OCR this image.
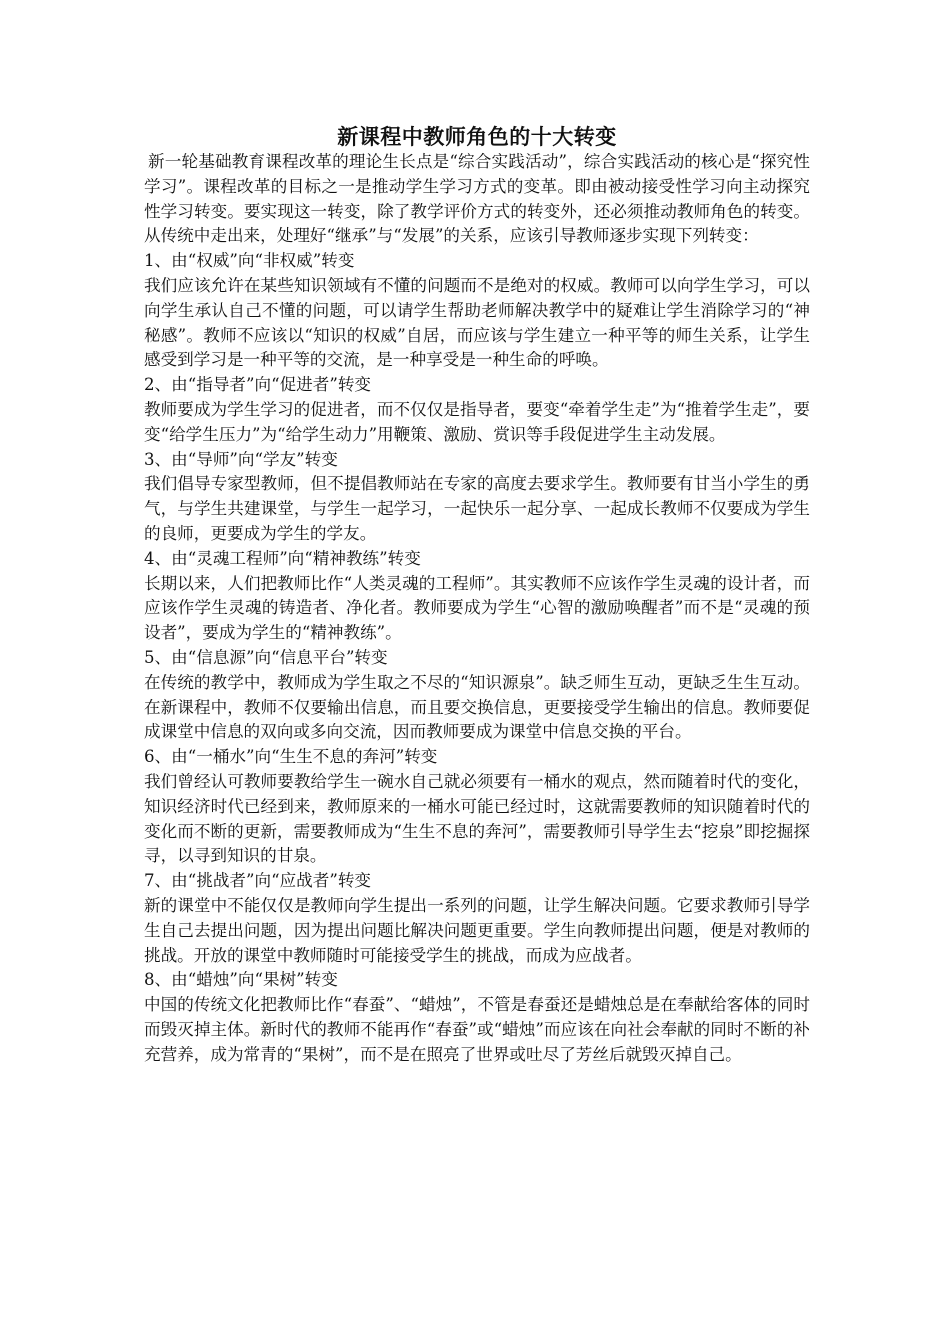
新课程中教师角色的十大转变

新一轮基础教育课程改革的理论生长点是“综合实践活动”，综合实践活动的核心是“探究性学习”。课程改革的目标之一是推动学生学习方式的变革。即由被动接受性学习向主动探究性学习转变。要实现这一转变，除了教学评价方式的转变外，还必须推动教师角色的转变。从传统中走出来，处理好“继承”与“发展”的关系，应该引导教师逐步实现下列转变：

1、由“权威”向“非权威”转变

我们应该允许在某些知识领域有不懂的问题而不是绝对的权威。教师可以向学生学习，可以向学生承认自己不懂的问题，可以请学生帮助老师解决教学中的疑难让学生消除学习的“神秘感”。教师不应该以“知识的权威”自居，而应该与学生建立一种平等的师生关系，让学生感受到学习是一种平等的交流，是一种享受是一种生命的呼唤。

2、由“指导者”向“促进者”转变

教师要成为学生学习的促进者，而不仅仅是指导者，要变“牵着学生走”为“推着学生走”，要变“给学生压力”为“给学生动力”用鞭策、激励、赏识等手段促进学生主动发展。

3、由“导师”向“学友”转变

我们倡导专家型教师，但不提倡教师站在专家的高度去要求学生。教师要有甘当小学生的勇气，与学生共建课堂，与学生一起学习，一起快乐一起分享、一起成长教师不仅要成为学生的良师，更要成为学生的学友。

4、由“灵魂工程师”向“精神教练”转变

长期以来，人们把教师比作“人类灵魂的工程师”。其实教师不应该作学生灵魂的设计者，而应该作学生灵魂的铸造者、净化者。教师要成为学生“心智的激励唤醒者”而不是“灵魂的预设者”，要成为学生的“精神教练”。

5、由“信息源”向“信息平台”转变

在传统的教学中，教师成为学生取之不尽的“知识源泉”。缺乏师生互动，更缺乏生生互动。在新课程中，教师不仅要输出信息，而且要交换信息，更要接受学生输出的信息。教师要促成课堂中信息的双向或多向交流，因而教师要成为课堂中信息交换的平台。

6、由“一桶水”向“生生不息的奔河”转变

我们曾经认可教师要教给学生一碗水自己就必须要有一桶水的观点，然而随着时代的变化，知识经济时代已经到来，教师原来的一桶水可能已经过时，这就需要教师的知识随着时代的变化而不断的更新，需要教师成为“生生不息的奔河”，需要教师引导学生去“挖泉”即挖掘探寻，以寻到知识的甘泉。

7、由“挑战者”向“应战者”转变

新的课堂中不能仅仅是教师向学生提出一系列的问题，让学生解决问题。它要求教师引导学生自己去提出问题，因为提出问题比解决问题更重要。学生向教师提出问题，便是对教师的挑战。开放的课堂中教师随时可能接受学生的挑战，而成为应战者。

8、由“蜡烛”向“果树”转变

中国的传统文化把教师比作“春蚕”、“蜡烛”，不管是春蚕还是蜡烛总是在奉献给客体的同时而毁灭掉主体。新时代的教师不能再作“春蚕”或“蜡烛”而应该在向社会奉献的同时不断的补充营养，成为常青的“果树”，而不是在照亮了世界或吐尽了芳丝后就毁灭掉自己。
